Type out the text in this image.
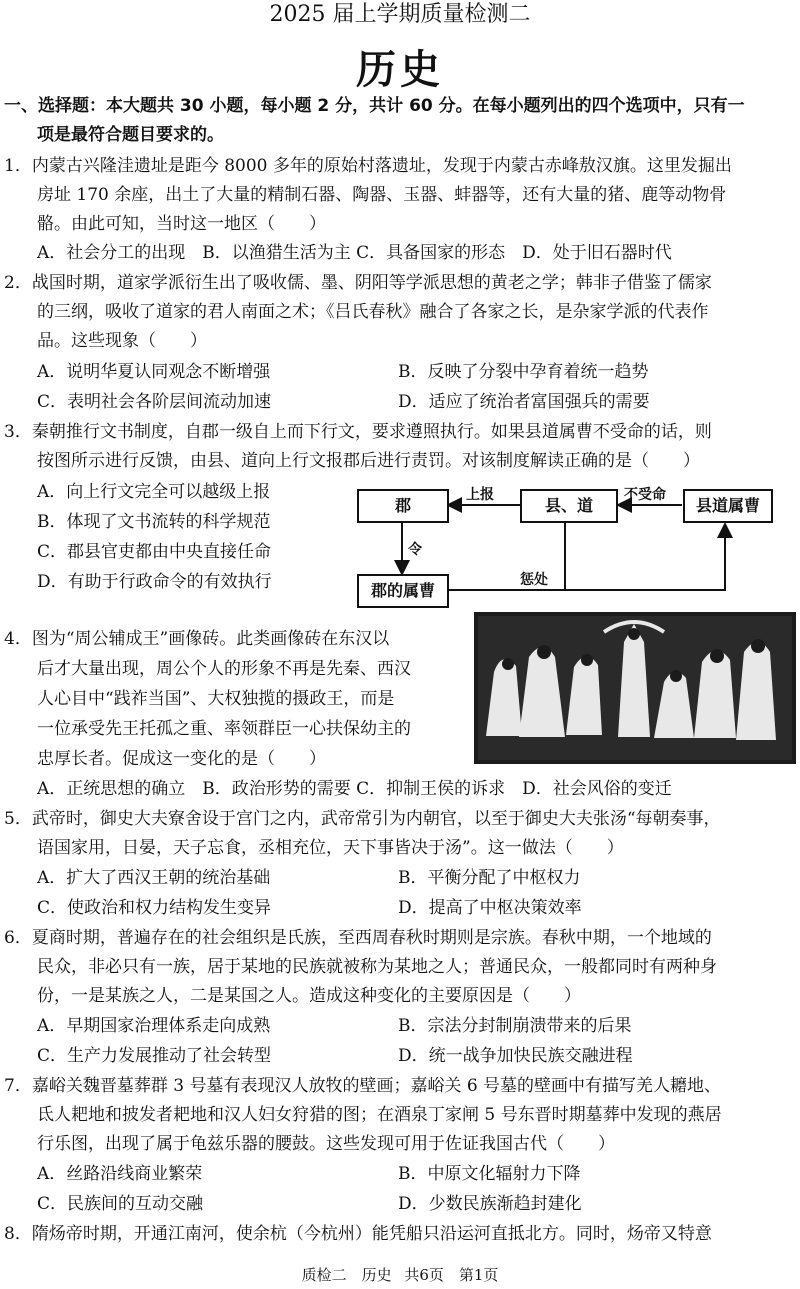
2025 届上学期质量检测二
历史
一、选择题：本大题共 30 小题，每小题 2 分，共计 60 分。在每小题列出的四个选项中，只有一
项是最符合题目要求的。
1．内蒙古兴隆洼遗址是距今 8000 多年的原始村落遗址，发现于内蒙古赤峰敖汉旗。这里发掘出
房址 170 余座，出土了大量的精制石器、陶器、玉器、蚌器等，还有大量的猪、鹿等动物骨
骼。由此可知，当时这一地区（　　）
A．社会分工的出现　B．以渔猎生活为主 C．具备国家的形态　D．处于旧石器时代
2．战国时期，道家学派衍生出了吸收儒、墨、阴阳等学派思想的黄老之学；韩非子借鉴了儒家
的三纲，吸收了道家的君人南面之术；《吕氏春秋》融合了各家之长，是杂家学派的代表作
品。这些现象（　　）
A．说明华夏认同观念不断增强	B．反映了分裂中孕育着统一趋势
C．表明社会各阶层间流动加速	D．适应了统治者富国强兵的需要
3．秦朝推行文书制度，自郡一级自上而下行文，要求遵照执行。如果县道属曹不受命的话，则
按图所示进行反馈，由县、道向上行文报郡后进行责罚。对该制度解读正确的是（　　）
A．向上行文完全可以越级上报
B．体现了文书流转的科学规范
C．郡县官吏都由中央直接任命
D．有助于行政命令的有效执行
郡	县、道	县道属曹
郡的属曹
上报	不受命
令
惩处
4．图为“周公辅成王”画像砖。此类画像砖在东汉以
后才大量出现，周公个人的形象不再是先秦、西汉
人心目中“践祚当国”、大权独揽的摄政王，而是
一位承受先王托孤之重、率领群臣一心扶保幼主的
忠厚长者。促成这一变化的是（　　）
A．正统思想的确立　B．政治形势的需要 C．抑制王侯的诉求　D．社会风俗的变迁
5．武帝时，御史大夫寮舍设于宫门之内，武帝常引为内朝官，以至于御史大夫张汤“每朝奏事，
语国家用，日晏，天子忘食，丞相充位，天下事皆决于汤”。这一做法（　　）
A．扩大了西汉王朝的统治基础	B．平衡分配了中枢权力
C．使政治和权力结构发生变异	D．提高了中枢决策效率
6．夏商时期，普遍存在的社会组织是氏族，至西周春秋时期则是宗族。春秋中期，一个地域的
民众，非必只有一族，居于某地的民族就被称为某地之人；普通民众，一般都同时有两种身
份，一是某族之人，二是某国之人。造成这种变化的主要原因是（　　）
A．早期国家治理体系走向成熟	B．宗法分封制崩溃带来的后果
C．生产力发展推动了社会转型	D．统一战争加快民族交融进程
7．嘉峪关魏晋墓葬群 3 号墓有表现汉人放牧的壁画；嘉峪关 6 号墓的壁画中有描写羌人耱地、
氐人耙地和披发者耙地和汉人妇女狩猎的图；在酒泉丁家闸 5 号东晋时期墓葬中发现的燕居
行乐图，出现了属于龟兹乐器的腰鼓。这些发现可用于佐证我国古代（　　）
A．丝路沿线商业繁荣	B．中原文化辐射力下降
C．民族间的互动交融	D．少数民族渐趋封建化
8．隋炀帝时期，开通江南河，使余杭（今杭州）能凭船只沿运河直抵北方。同时，炀帝又特意
质检二　历史 共6页　第1页
